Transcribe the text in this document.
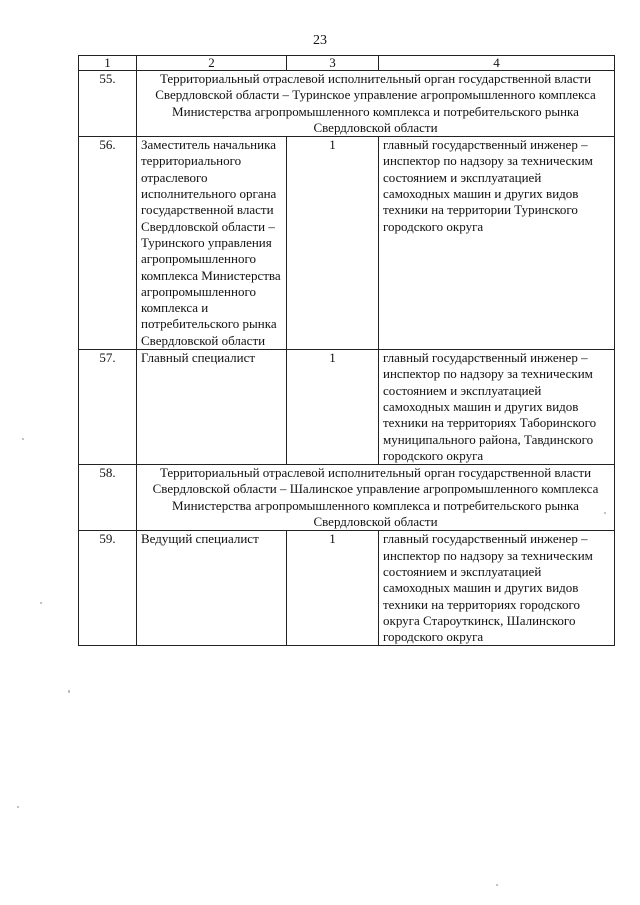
23
1	2	3	4
55.	Территориальный отраслевой исполнительный орган государственной власти Свердловской области – Туринское управление агропромышленного комплекса Министерства агропромышленного комплекса и потребительского рынка Свердловской области		
56.	Заместитель начальника территориального отраслевого исполнительного органа государственной власти Свердловской области – Туринского управления агропромышленного комплекса Министерства агропромышленного комплекса и потребительского рынка Свердловской области	1	главный государственный инженер – инспектор по надзору за техническим состоянием и эксплуатацией самоходных машин и других видов техники на территории Туринского городского округа
57.	Главный специалист	1	главный государственный инженер – инспектор по надзору за техническим состоянием и эксплуатацией самоходных машин и других видов техники на территориях Таборинского муниципального района, Тавдинского городского округа
58.	Территориальный отраслевой исполнительный орган государственной власти Свердловской области – Шалинское управление агропромышленного комплекса Министерства агропромышленного комплекса и потребительского рынка Свердловской области		
59.	Ведущий специалист	1	главный государственный инженер – инспектор по надзору за техническим состоянием и эксплуатацией самоходных машин и других видов техники на территориях городского округа Староуткинск, Шалинского городского округа
